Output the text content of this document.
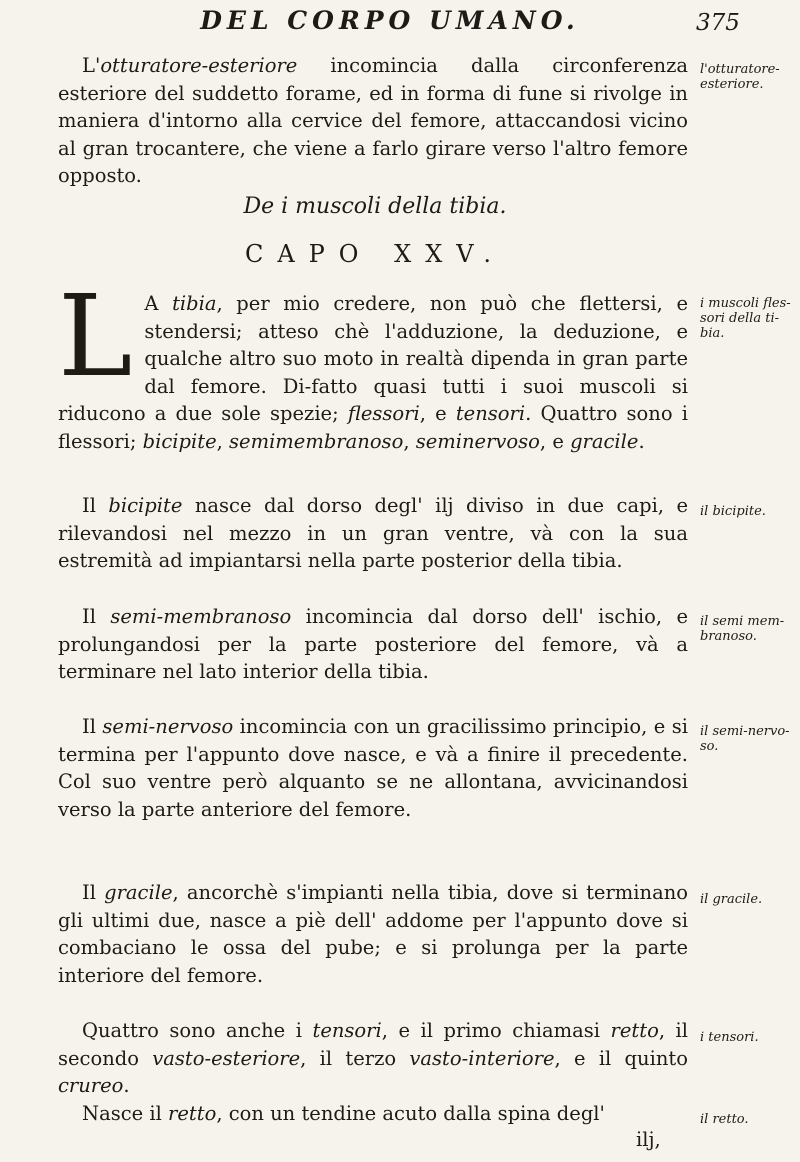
DEL CORPO UMANO.	375

L'otturatore-esteriore incomincia dalla circonferenza esteriore del suddetto forame, ed in forma di fune si rivolge in maniera d'intorno alla cervice del femore, attaccandosi vicino al gran trocantere, che viene a farlo girare verso l'altro femore opposto.

De i muscoli della tibia.
CAPO XXV.

L A tibia, per mio credere, non può che flettersi, e stendersi; atteso chè l'adduzione, la deduzione, e qualche altro suo moto in realtà dipenda in gran parte dal femore. Di-fatto quasi tutti i suoi muscoli si riducono a due sole spezie; flessori, e tensori. Quattro sono i flessori; bicipite, semimembranoso, seminervoso, e gracile.

Il bicipite nasce dal dorso degl' ilj diviso in due capi, e rilevandosi nel mezzo in un gran ventre, và con la sua estremità ad impiantarsi nella parte posterior della tibia.

Il semi-membranoso incomincia dal dorso dell' ischio, e prolungandosi per la parte posteriore del femore, và a terminare nel lato interior della tibia.

Il semi-nervoso incomincia con un gracilissimo principio, e si termina per l'appunto dove nasce, e và a finire il precedente. Col suo ventre però alquanto se ne allontana, avvicinandosi verso la parte anteriore del femore.

Il gracile, ancorchè s'impianti nella tibia, dove si terminano gli ultimi due, nasce a piè dell' addome per l'appunto dove si combaciano le ossa del pube; e si prolunga per la parte interiore del femore.

Quattro sono anche i tensori, e il primo chiamasi retto, il secondo vasto-esteriore, il terzo vasto-interiore, e il quinto crureo.

Nasce il retto, con un tendine acuto dalla spina degl'

ilj,
l'otturatore-
esteriore.
i muscoli fles-
sori della ti-
bia.
il bicipite.
il semi mem-
branoso.
il semi-nervo-
so.
il gracile.
i tensori.
il retto.
